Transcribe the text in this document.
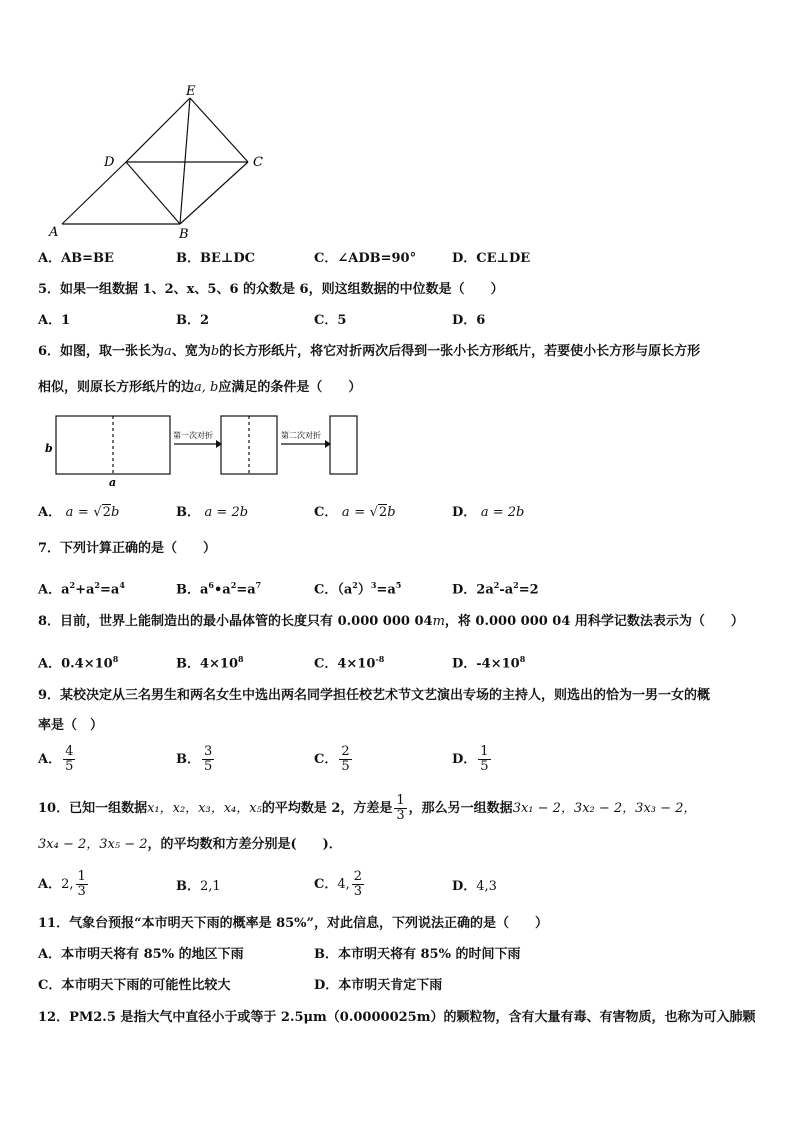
E
D	C
A	B
A．AB=BE	B．BE⊥DC	C．∠ADB=90°	D．CE⊥DE
5．如果一组数据 1、2、x、5、6 的众数是 6，则这组数据的中位数是（　　）
A．1	B．2	C．5	D．6
6．如图，取一张长为a、宽为b的长方形纸片，将它对折两次后得到一张小长方形纸片，若要使小长方形与原长方形
相似，则原长方形纸片的边a, b应满足的条件是（　　）
b
a
第一次对折	第二次对折
A． a = √2b	B． a = 2b	C． a = √2b	D． a = 2b
7．下列计算正确的是（　　）
A．$a^2+a^2=a^4$	B．$a^6•a^2=a^7$	C．$(a^2)^3=a^5$	D．$2a^2-a^2=2$
8．目前，世界上能制造出的最小晶体管的长度只有 0.000 000 04m，将 0.000 000 04 用科学记数法表示为（　　）
A．$0.4\times 10^8$	B．$4\times 10^8$	C．$4\times 10^{-8}$	D．$-4\times 10^8$
9．某校决定从三名男生和两名女生中选出两名同学担任校艺术节文艺演出专场的主持人，则选出的恰为一男一女的概
率是（　）
A． $\frac{4}{5}$	B． $\frac{3}{5}$	C． $\frac{2}{5}$	D． $\frac{1}{5}$
10．已知一组数据x₁，x₂，x₃，x₄，x₅的平均数是 2，方差是 $\frac{1}{3}$ ，那么另一组数据3x₁ − 2，3x₂ − 2，3x₃ − 2，
3x₄ − 2，3x₅ − 2，的平均数和方差分别是(　　)．
A．2, $\frac{1}{3}$	B．2,1	C．4, $\frac{2}{3}$	D．4,3
11．气象台预报“本市明天下雨的概率是 85%”，对此信息，下列说法正确的是（　　）
A．本市明天将有 85% 的地区下雨	B．本市明天将有 85% 的时间下雨
C．本市明天下雨的可能性比较大	D．本市明天肯定下雨
12．PM2.5 是指大气中直径小于或等于 2.5μm（0.0000025m）的颗粒物，含有大量有毒、有害物质，也称为可入肺颗
